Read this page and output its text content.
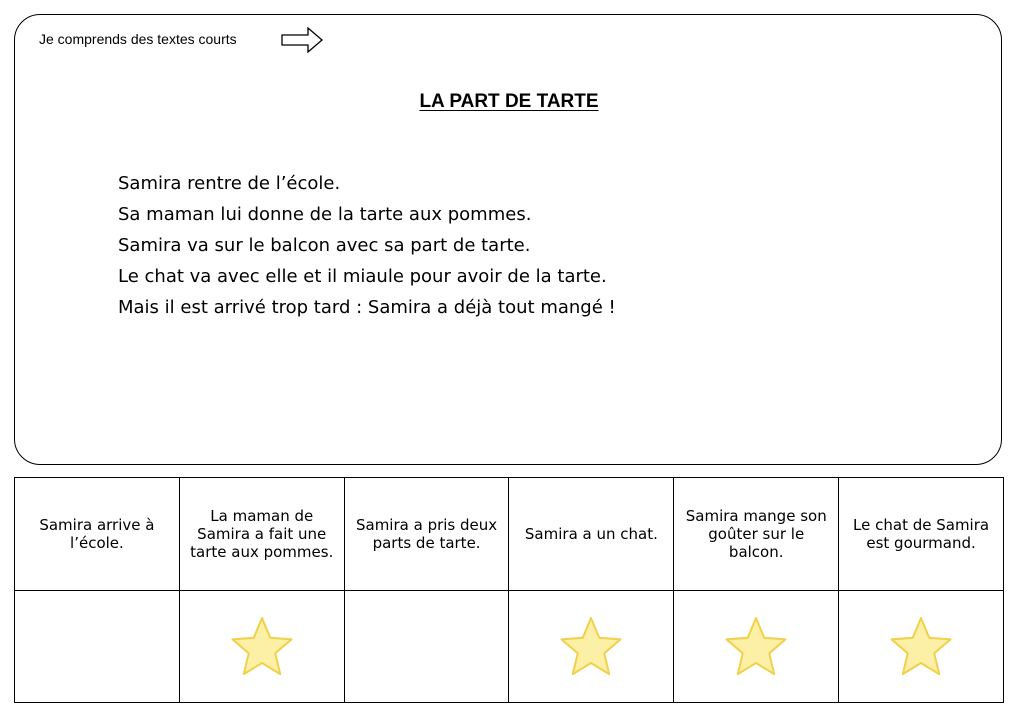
Je comprends des textes courts
LA PART DE TARTE
Samira rentre de l’école.
Sa maman lui donne de la tarte aux pommes.
Samira va sur le balcon avec sa part de tarte.
Le chat va avec elle et il miaule pour avoir de la tarte.
Mais il est arrivé trop tard : Samira a déjà tout mangé !
Samira arrive à l’école.	La maman de Samira a fait une tarte aux pommes.	Samira a pris deux parts de tarte.	Samira a un chat.	Samira mange son goûter sur le balcon.	Le chat de Samira est gourmand.
